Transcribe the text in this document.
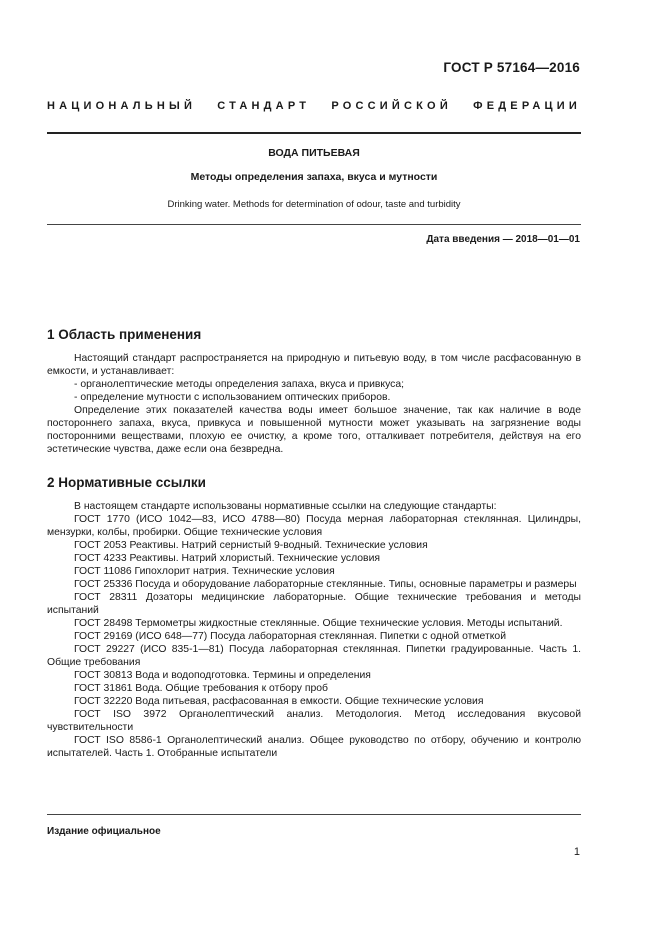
ГОСТ Р 57164—2016
НАЦИОНАЛЬНЫЙ СТАНДАРТ РОССИЙСКОЙ ФЕДЕРАЦИИ
ВОДА ПИТЬЕВАЯ
Методы определения запаха, вкуса и мутности
Drinking water. Methods for determination of odour, taste and turbidity
Дата введения — 2018—01—01
1 Область применения

Настоящий стандарт распространяется на природную и питьевую воду, в том числе расфасованную в емкости, и устанавливает:

- органолептические методы определения запаха, вкуса и привкуса;

- определение мутности с использованием оптических приборов.

Определение этих показателей качества воды имеет большое значение, так как наличие в воде постороннего запаха, вкуса, привкуса и повышенной мутности может указывать на загрязнение воды посторонними веществами, плохую ее очистку, а кроме того, отталкивает потребителя, действуя на его эстетические чувства, даже если она безвредна.

2 Нормативные ссылки

В настоящем стандарте использованы нормативные ссылки на следующие стандарты:

ГОСТ 1770 (ИСО 1042—83, ИСО 4788—80) Посуда мерная лабораторная стеклянная. Цилиндры, мензурки, колбы, пробирки. Общие технические условия

ГОСТ 2053 Реактивы. Натрий сернистый 9-водный. Технические условия

ГОСТ 4233 Реактивы. Натрий хлористый. Технические условия

ГОСТ 11086 Гипохлорит натрия. Технические условия

ГОСТ 25336 Посуда и оборудование лабораторные стеклянные. Типы, основные параметры и размеры

ГОСТ 28311 Дозаторы медицинские лабораторные. Общие технические требования и методы испытаний

ГОСТ 28498 Термометры жидкостные стеклянные. Общие технические условия. Методы испытаний.

ГОСТ 29169 (ИСО 648—77) Посуда лабораторная стеклянная. Пипетки с одной отметкой

ГОСТ 29227 (ИСО 835-1—81) Посуда лабораторная стеклянная. Пипетки градуированные. Часть 1. Общие требования

ГОСТ 30813 Вода и водоподготовка. Термины и определения

ГОСТ 31861 Вода. Общие требования к отбору проб

ГОСТ 32220 Вода питьевая, расфасованная в емкости. Общие технические условия

ГОСТ ISO 3972 Органолептический анализ. Методология. Метод исследования вкусовой чувствительности

ГОСТ ISO 8586-1 Органолептический анализ. Общее руководство по отбору, обучению и контролю испытателей. Часть 1. Отобранные испытатели

Издание официальное
1
